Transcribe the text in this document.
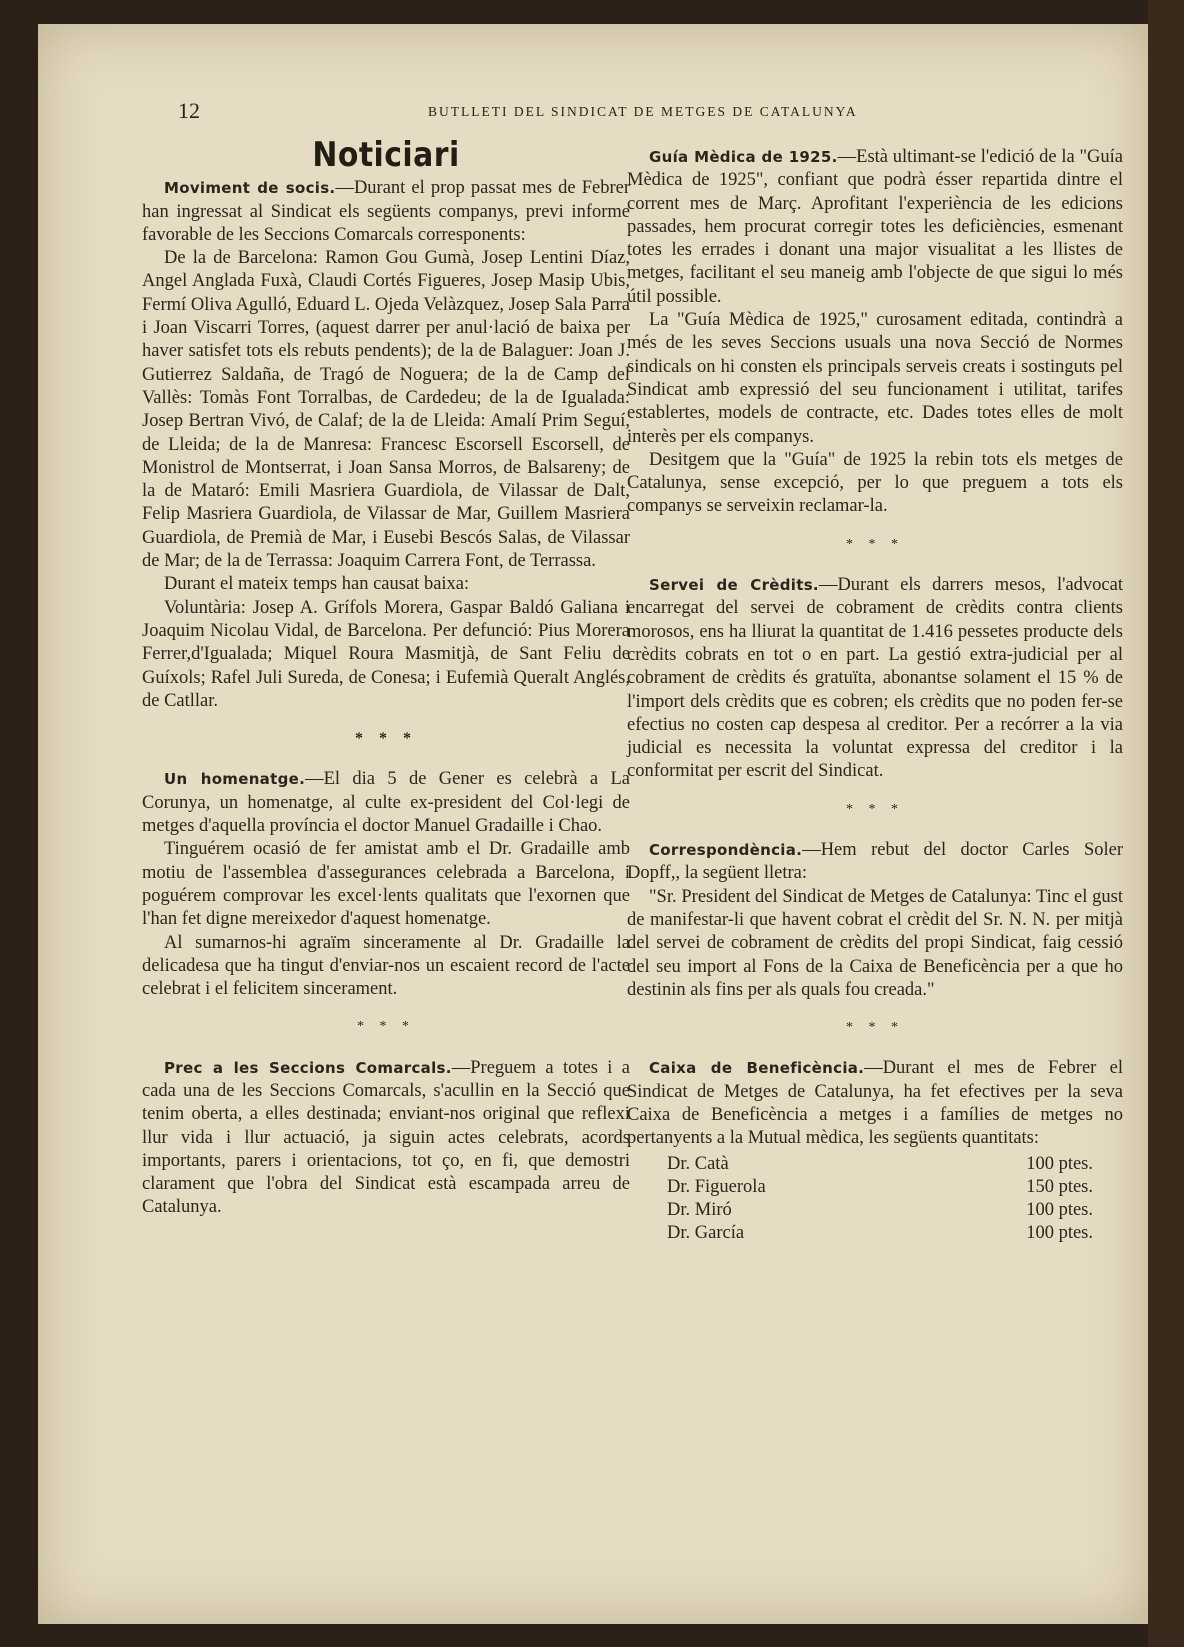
12	BUTLLETI DEL SINDICAT DE METGES DE CATALUNYA
Noticiari

Moviment de socis.—Durant el prop passat mes de Febrer han ingressat al Sindicat els següents companys, previ informe favorable de les Seccions Comarcals corresponents:

De la de Barcelona: Ramon Gou Gumà, Josep Lentini Díaz, Angel Anglada Fuxà, Claudi Cortés Figueres, Josep Masip Ubis, Fermí Oliva Agulló, Eduard L. Ojeda Velàzquez, Josep Sala Parra i Joan Viscarri Torres, (aquest darrer per anul·lació de baixa per haver satisfet tots els rebuts pendents); de la de Balaguer: Joan J. Gutierrez Saldaña, de Tragó de Noguera; de la de Camp del Vallès: Tomàs Font Torralbas, de Cardedeu; de la de Igualada: Josep Bertran Vivó, de Calaf; de la de Lleida: Amalí Prim Seguí, de Lleida; de la de Manresa: Francesc Escorsell Escorsell, de Monistrol de Montserrat, i Joan Sansa Morros, de Balsareny; de la de Mataró: Emili Masriera Guardiola, de Vilassar de Dalt, Felip Masriera Guardiola, de Vilassar de Mar, Guillem Masriera Guardiola, de Premià de Mar, i Eusebi Bescós Salas, de Vilassar de Mar; de la de Terrassa: Joaquim Carrera Font, de Terrassa.

Durant el mateix temps han causat baixa:

Voluntària: Josep A. Grífols Morera, Gaspar Baldó Galiana i Joaquim Nicolau Vidal, de Barcelona. Per defunció: Pius Morera Ferrer,d'Igualada; Miquel Roura Masmitjà, de Sant Feliu de Guíxols; Rafel Juli Sureda, de Conesa; i Eufemià Queralt Anglés, de Catllar.

* * *

Un homenatge.—El dia 5 de Gener es celebrà a La Corunya, un homenatge, al culte ex-president del Col·legi de metges d'aquella província el doctor Manuel Gradaille i Chao.

Tinguérem ocasió de fer amistat amb el Dr. Gradaille amb motiu de l'assemblea d'assegurances celebrada a Barcelona, i poguérem comprovar les excel·lents qualitats que l'exornen que l'han fet digne mereixedor d'aquest homenatge.

Al sumarnos-hi agraïm sinceramente al Dr. Gradaille la delicadesa que ha tingut d'enviar-nos un escaient record de l'acte celebrat i el felicitem sincerament.

* * *

Prec a les Seccions Comarcals.—Preguem a totes i a cada una de les Seccions Comarcals, s'acullin en la Secció que tenim oberta, a elles destinada; enviant-nos original que reflexi llur vida i llur actuació, ja siguin actes celebrats, acords importants, parers i orientacions, tot ço, en fi, que demostri clarament que l'obra del Sindicat està escampada arreu de Catalunya.

Guía Mèdica de 1925.—Està ultimant-se l'edició de la "Guía Mèdica de 1925", confiant que podrà ésser repartida dintre el corrent mes de Març. Aprofitant l'experiència de les edicions passades, hem procurat corregir totes les deficiències, esmenant totes les errades i donant una major visualitat a les llistes de metges, facilitant el seu maneig amb l'objecte de que sigui lo més útil possible.

La "Guía Mèdica de 1925," curosament editada, contindrà a més de les seves Seccions usuals una nova Secció de Normes sindicals on hi consten els principals serveis creats i sostinguts pel Sindicat amb expressió del seu funcionament i utilitat, tarifes establertes, models de contracte, etc. Dades totes elles de molt interès per els companys.

Desitgem que la "Guía" de 1925 la rebin tots els metges de Catalunya, sense excepció, per lo que preguem a tots els companys se serveixin reclamar-la.

* * *

Servei de Crèdits.—Durant els darrers mesos, l'advocat encarregat del servei de cobrament de crèdits contra clients morosos, ens ha lliurat la quantitat de 1.416 pessetes producte dels crèdits cobrats en tot o en part. La gestió extra-judicial per al cobrament de crèdits és gratuïta, abonantse solament el 15 % de l'import dels crèdits que es cobren; els crèdits que no poden fer-se efectius no costen cap despesa al creditor. Per a recórrer a la via judicial es necessita la voluntat expressa del creditor i la conformitat per escrit del Sindicat.

* * *

Correspondència.—Hem rebut del doctor Carles Soler Dopff,, la següent lletra:

"Sr. President del Sindicat de Metges de Catalunya: Tinc el gust de manifestar-li que havent cobrat el crèdit del Sr. N. N. per mitjà del servei de cobrament de crèdits del propi Sindicat, faig cessió del seu import al Fons de la Caixa de Beneficència per a que ho destinin als fins per als quals fou creada."

* * *

Caixa de Beneficència.—Durant el mes de Febrer el Sindicat de Metges de Catalunya, ha fet efectives per la seva Caixa de Beneficència a metges i a famílies de metges no pertanyents a la Mutual mèdica, les següents quantitats:

Dr. Catà	100 ptes.
Dr. Figuerola	150 ptes.
Dr. Miró	100 ptes.
Dr. García	100 ptes.
